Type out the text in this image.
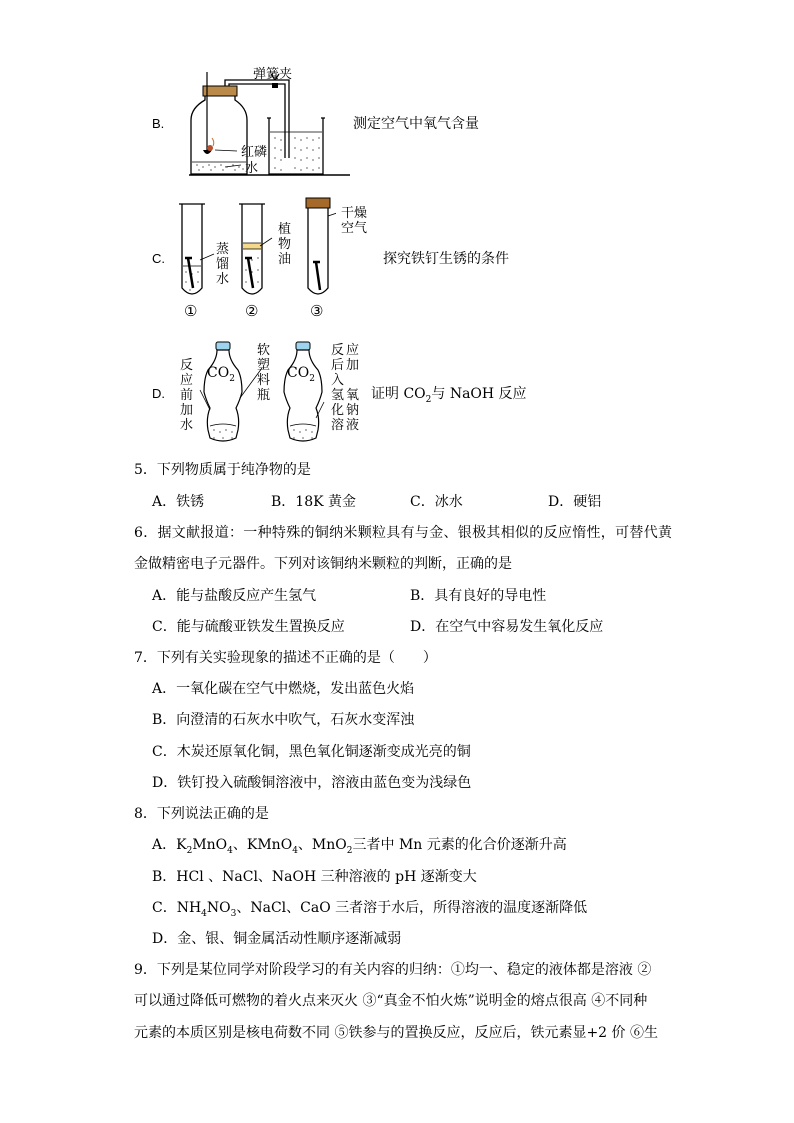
B.
弹簧夹
红磷
水
测定空气中氧气含量
C.
蒸
馏
水
植
物
油
干燥
空气
①	②	③
探究铁钉生锈的条件
D.
$CO_2$	$CO_2$
反
应
前
加
水
软
塑
料
瓶
反
后
入
氢
化
溶
应
加
氧
钠
液
证明 $CO_2$与 NaOH 反应
5．下列物质属于纯净物的是
A．铁锈	B．18K 黄金	C．冰水	D．硬铝
6．据文献报道：一种特殊的铜纳米颗粒具有与金、银极其相似的反应惰性，可替代黄
金做精密电子元器件。下列对该铜纳米颗粒的判断，正确的是
A．能与盐酸反应产生氢气	B．具有良好的导电性
C．能与硫酸亚铁发生置换反应	D．在空气中容易发生氧化反应
7．下列有关实验现象的描述不正确的是（　　）
A．一氧化碳在空气中燃烧，发出蓝色火焰
B．向澄清的石灰水中吹气，石灰水变浑浊
C．木炭还原氧化铜，黑色氧化铜逐渐变成光亮的铜
D．铁钉投入硫酸铜溶液中，溶液由蓝色变为浅绿色
8．下列说法正确的是
A．$K_2MnO_4$、KMnO$_4$、MnO$_2$三者中 Mn 元素的化合价逐渐升高
B．HCl 、NaCl、NaOH 三种溶液的 pH 逐渐变大
C．$NH_4NO_3$、NaCl、CaO 三者溶于水后，所得溶液的温度逐渐降低
D．金、银、铜金属活动性顺序逐渐减弱
9．下列是某位同学对阶段学习的有关内容的归纳：①均一、稳定的液体都是溶液 ②
可以通过降低可燃物的着火点来灭火 ③“真金不怕火炼”说明金的熔点很高 ④不同种
元素的本质区别是核电荷数不同 ⑤铁参与的置换反应，反应后，铁元素显+2 价 ⑥生
